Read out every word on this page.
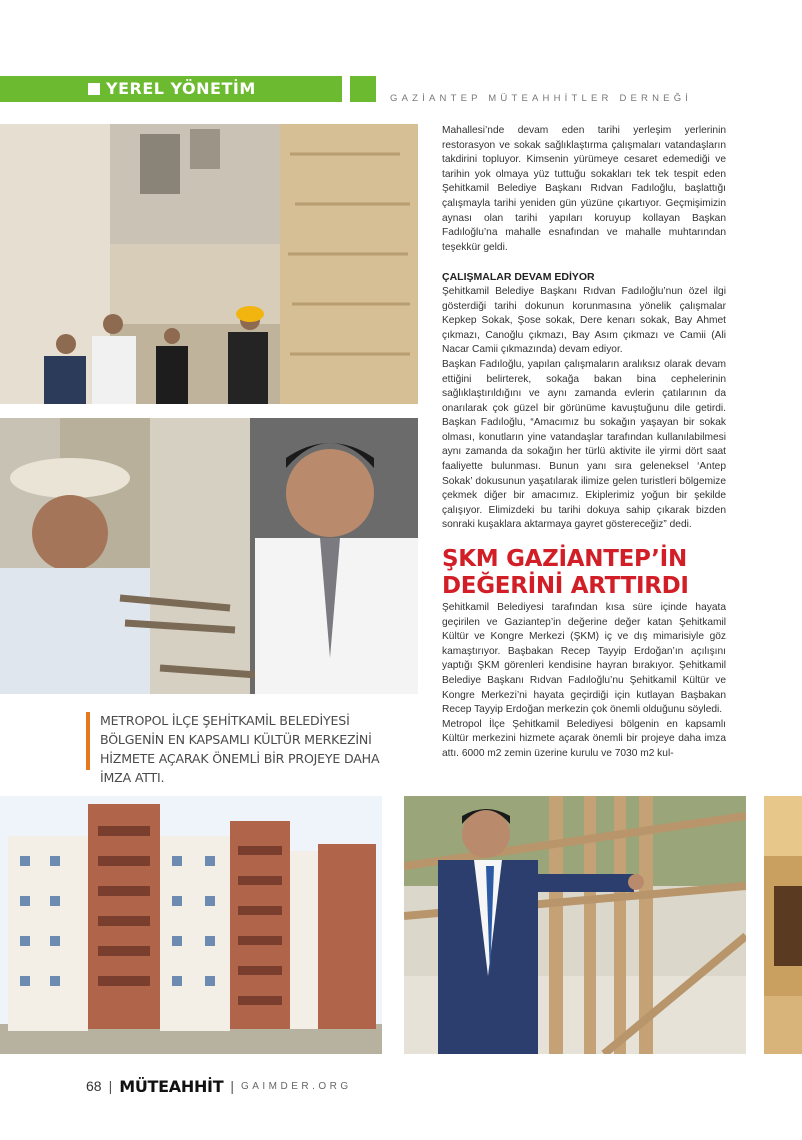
YEREL YÖNETİM
GAZİANTEP MÜTEAHHİTLER DERNEĞİ
METROPOL İLÇE ŞEHİTKAMİL BELEDİYESİ BÖLGENİN EN KAPSAMLI KÜLTÜR MERKEZİNİ HİZMETE AÇARAK ÖNEMLİ BİR PROJEYE DAHA İMZA ATTI.

Mahallesi’nde devam eden tarihi yerleşim yerlerinin restorasyon ve sokak sağlıklaştırma çalışmaları vatandaşların takdirini topluyor. Kimsenin yürümeye cesaret edemediği ve tarihin yok olmaya yüz tuttuğu sokakları tek tek tespit eden Şehitkamil Belediye Başkanı Rıdvan Fadıloğlu, başlattığı çalışmayla tarihi yeniden gün yüzüne çıkartıyor. Geçmişimizin aynası olan tarihi yapıları koruyup kollayan Başkan Fadıloğlu’na mahalle esnafından ve mahalle muhtarından teşekkür geldi.

ÇALIŞMALAR DEVAM EDİYOR

Şehitkamil Belediye Başkanı Rıdvan Fadıloğlu’nun özel ilgi gösterdiği tarihi dokunun korunmasına yönelik çalışmalar Kepkep Sokak, Şose sokak, Dere kenarı sokak, Bay Ahmet çıkmazı, Canoğlu çıkmazı, Bay Asım çıkmazı ve Camii (Ali Nacar Camii çıkmazında) devam ediyor.

Başkan Fadıloğlu, yapılan çalışmaların aralıksız olarak devam ettiğini belirterek, sokağa bakan bina cephelerinin sağlıklaştırıldığını ve aynı zamanda evlerin çatılarının da onarılarak çok güzel bir görünüme kavuştuğunu dile getirdi. Başkan Fadıloğlu, “Amacımız bu sokağın yaşayan bir sokak olması, konutların yine vatandaşlar tarafından kullanılabilmesi aynı zamanda da sokağın her türlü aktivite ile yirmi dört saat faaliyette bulunması. Bunun yanı sıra geleneksel ‘Antep Sokak’ dokusunun yaşatılarak ilimize gelen turistleri bölgemize çekmek diğer bir amacımız. Ekiplerimiz yoğun bir şekilde çalışıyor. Elimizdeki bu tarihi dokuya sahip çıkarak bizden sonraki kuşaklara aktarmaya gayret göstereceğiz” dedi.

ŞKM GAZİANTEP’İN
DEĞERİNİ ARTTIRDI

Şehitkamil Belediyesi tarafından kısa süre içinde hayata geçirilen ve Gaziantep’in değerine değer katan Şehitkamil Kültür ve Kongre Merkezi (ŞKM) iç ve dış mimarisiyle göz kamaştırıyor. Başbakan Recep Tayyip Erdoğan’ın açılışını yaptığı ŞKM görenleri kendisine hayran bırakıyor. Şehitkamil Belediye Başkanı Rıdvan Fadıloğlu’nu Şehitkamil Kültür ve Kongre Merkezi’ni hayata geçirdiği için kutlayan Başbakan Recep Tayyip Erdoğan merkezin çok önemli olduğunu söyledi.

Metropol İlçe Şehitkamil Belediyesi bölgenin en kapsamlı Kültür merkezini hizmete açarak önemli bir projeye daha imza attı. 6000 m2 zemin üzerine kurulu ve 7030 m2 kul-

68 | MÜTEAHHİT | GAIMDER.ORG
